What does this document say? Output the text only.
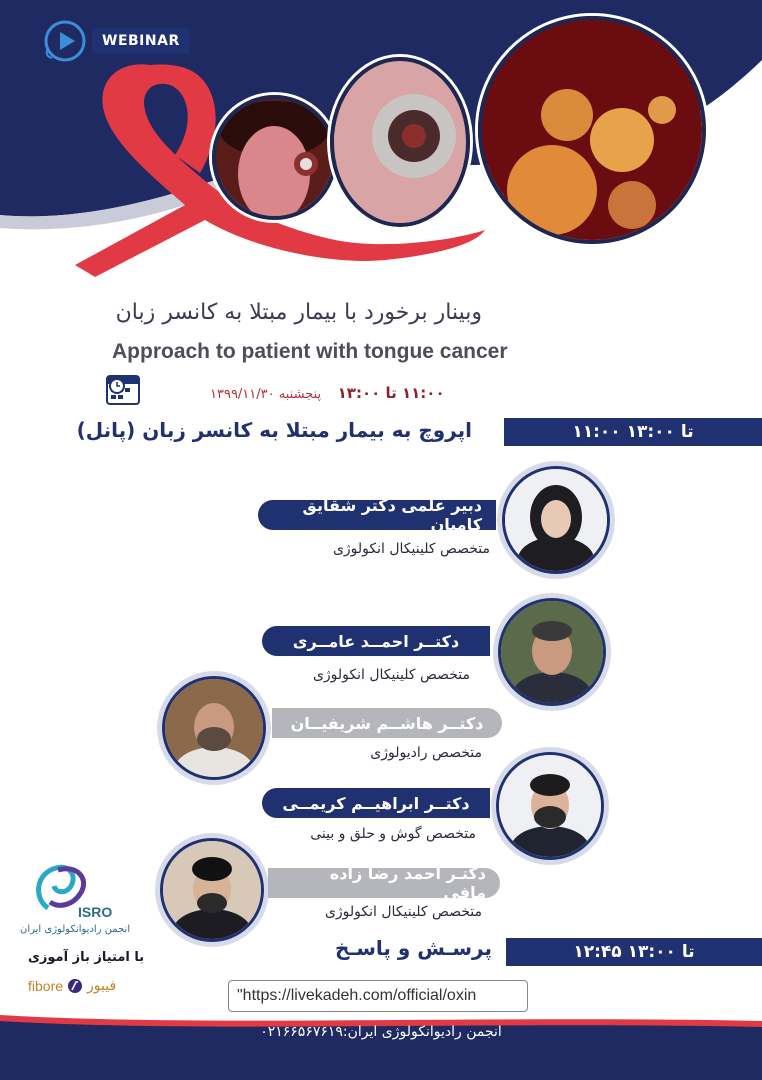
WEBINAR
وبینار برخورد با بیمار مبتلا به کانسر زبان
Approach to patient with tongue cancer
۱۱:۰۰ تا ۱۳:۰۰    پنجشنبه ۱۳۹۹/۱۱/۳۰
۱۱:۰۰ تا ۱۳:۰۰
اپروچ به بیمار مبتلا به کانسر زبان (پانل)
دبیر علمی دکتر شقایق کامیان
متخصص کلینیکال انکولوژی
دکتــر احمــد عامــری
متخصص کلینیکال انکولوژی
دکتــر هاشــم شریفیــان
متخصص رادیولوژی
دکتــر ابراهیــم کریمــی
متخصص گوش و حلق و بینی
دکتـر احمد رضا زاده مافی
متخصص کلینیکال انکولوژی
۱۲:۴۵ تا ۱۳:۰۰
پرسـش و پاسـخ
ISRO
انجمن رادیوانکولوژی ایران
با امتیاز باز آموزی
fibore فیبور
"https://livekadeh.com/official/oxin
انجمن رادیوانکولوژی ایران:۰۲۱۶۶۵۶۷۶۱۹
